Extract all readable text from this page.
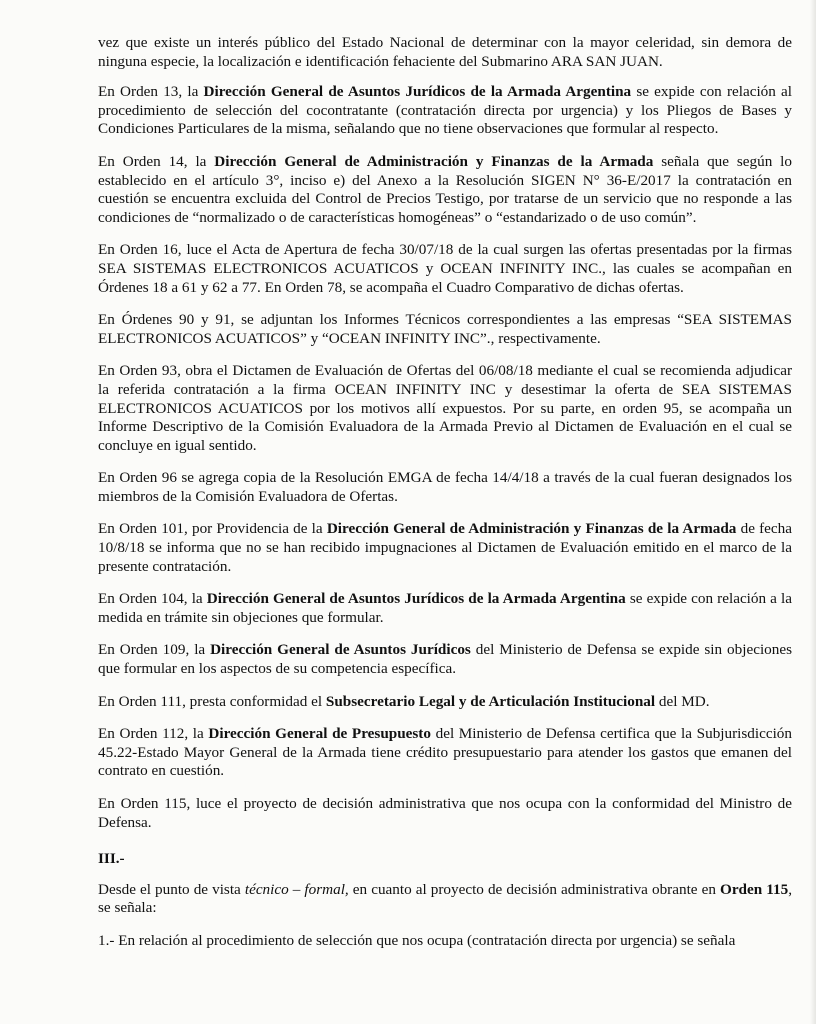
vez que existe un interés público del Estado Nacional de determinar con la mayor celeridad, sin demora de ninguna especie, la localización e identificación fehaciente del Submarino ARA SAN JUAN.

En Orden 13, la Dirección General de Asuntos Jurídicos de la Armada Argentina se expide con relación al procedimiento de selección del cocontratante (contratación directa por urgencia) y los Pliegos de Bases y Condiciones Particulares de la misma, señalando que no tiene observaciones que formular al respecto.

En Orden 14, la Dirección General de Administración y Finanzas de la Armada señala que según lo establecido en el artículo 3°, inciso e) del Anexo a la Resolución SIGEN N° 36-E/2017 la contratación en cuestión se encuentra excluida del Control de Precios Testigo, por tratarse de un servicio que no responde a las condiciones de “normalizado o de características homogéneas” o “estandarizado o de uso común”.

En Orden 16, luce el Acta de Apertura de fecha 30/07/18 de la cual surgen las ofertas presentadas por la firmas SEA SISTEMAS ELECTRONICOS ACUATICOS y OCEAN INFINITY INC., las cuales se acompañan en Órdenes 18 a 61 y 62 a 77. En Orden 78, se acompaña el Cuadro Comparativo de dichas ofertas.

En Órdenes 90 y 91, se adjuntan los Informes Técnicos correspondientes a las empresas “SEA SISTEMAS ELECTRONICOS ACUATICOS” y “OCEAN INFINITY INC”., respectivamente.

En Orden 93, obra el Dictamen de Evaluación de Ofertas del 06/08/18 mediante el cual se recomienda adjudicar la referida contratación a la firma OCEAN INFINITY INC y desestimar la oferta de SEA SISTEMAS ELECTRONICOS ACUATICOS por los motivos allí expuestos. Por su parte, en orden 95, se acompaña un Informe Descriptivo de la Comisión Evaluadora de la Armada Previo al Dictamen de Evaluación en el cual se concluye en igual sentido.

En Orden 96 se agrega copia de la Resolución EMGA de fecha 14/4/18 a través de la cual fueran designados los miembros de la Comisión Evaluadora de Ofertas.

En Orden 101, por Providencia de la Dirección General de Administración y Finanzas de la Armada de fecha 10/8/18 se informa que no se han recibido impugnaciones al Dictamen de Evaluación emitido en el marco de la presente contratación.

En Orden 104, la Dirección General de Asuntos Jurídicos de la Armada Argentina se expide con relación a la medida en trámite sin objeciones que formular.

En Orden 109, la Dirección General de Asuntos Jurídicos del Ministerio de Defensa se expide sin objeciones que formular en los aspectos de su competencia específica.

En Orden 111, presta conformidad el Subsecretario Legal y de Articulación Institucional del MD.

En Orden 112, la Dirección General de Presupuesto del Ministerio de Defensa certifica que la Subjurisdicción 45.22-Estado Mayor General de la Armada tiene crédito presupuestario para atender los gastos que emanen del contrato en cuestión.

En Orden 115, luce el proyecto de decisión administrativa que nos ocupa con la conformidad del Ministro de Defensa.

III.-

Desde el punto de vista técnico – formal, en cuanto al proyecto de decisión administrativa obrante en Orden 115, se señala:

1.- En relación al procedimiento de selección que nos ocupa (contratación directa por urgencia) se señala
